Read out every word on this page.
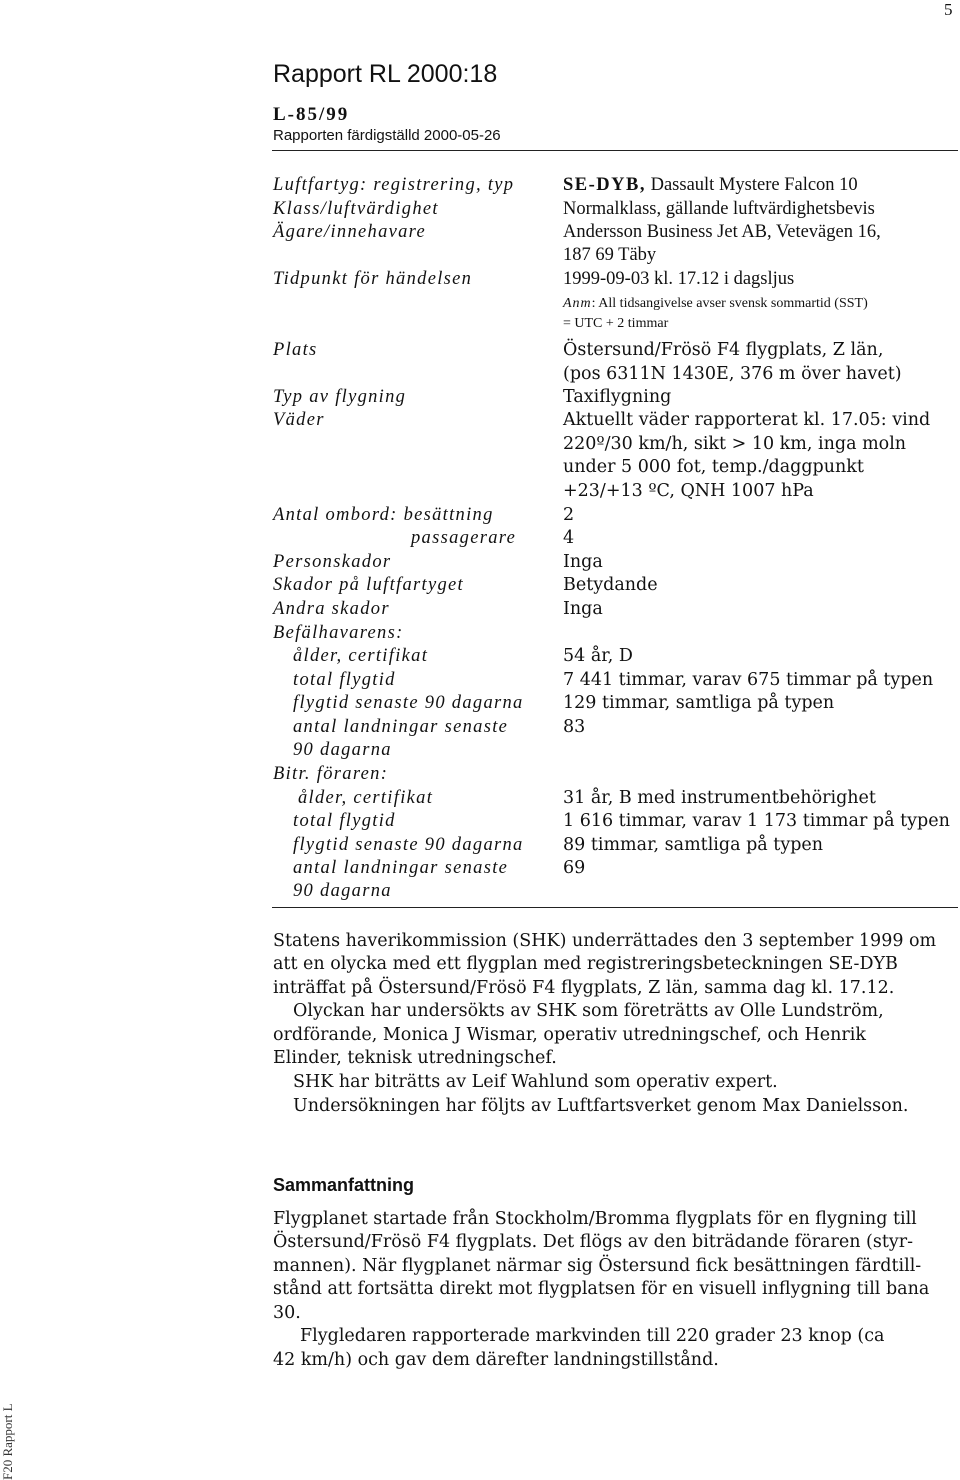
5
Rapport RL 2000:18
L-85/99
Rapporten färdigställd 2000-05-26
Luftfartyg: registrering, typ	SE-DYB, Dassault Mystere Falcon 10
Klass/luftvärdighet	Normalklass, gällande luftvärdighetsbevis
Ägare/innehavare	Andersson Business Jet AB, Vetevägen 16,
187 69 Täby
Tidpunkt för händelsen	1999-09-03 kl. 17.12 i dagsljus
Anm: All tidsangivelse avser svensk sommartid (SST)
= UTC + 2 timmar
Plats	Östersund/Frösö F4 flygplats, Z län,
(pos 6311N 1430E, 376 m över havet)
Typ av flygning	Taxiflygning
Väder	Aktuellt väder rapporterat kl. 17.05: vind
220º/30 km/h, sikt > 10 km, inga moln
under 5 000 fot, temp./daggpunkt
+23/+13 ºC, QNH 1007 hPa
Antal ombord: besättning	2
passagerare	4
Personskador	Inga
Skador på luftfartyget	Betydande
Andra skador	Inga
Befälhavarens:
ålder, certifikat	54 år, D
total flygtid	7 441 timmar, varav 675 timmar på typen
flygtid senaste 90 dagarna 129 timmar, samtliga på typen
antal landningar senaste	83
90 dagarna
Bitr. föraren:
ålder, certifikat	31 år, B med instrumentbehörighet
total flygtid	1 616 timmar, varav 1 173 timmar på typen
flygtid senaste 90 dagarna 89 timmar, samtliga på typen
antal landningar senaste	69
90 dagarna
Statens haverikommission (SHK) underrättades den 3 september 1999 om
att en olycka med ett flygplan med registreringsbeteckningen SE-DYB
inträffat på Östersund/Frösö F4 flygplats, Z län, samma dag kl. 17.12.
Olyckan har undersökts av SHK som företrätts av Olle Lundström,
ordförande, Monica J Wismar, operativ utredningschef, och Henrik
Elinder, teknisk utredningschef.
SHK har biträtts av Leif Wahlund som operativ expert.
Undersökningen har följts av Luftfartsverket genom Max Danielsson.
Sammanfattning
Flygplanet startade från Stockholm/Bromma flygplats för en flygning till
Östersund/Frösö F4 flygplats. Det flögs av den biträdande föraren (styr-
mannen). När flygplanet närmar sig Östersund fick besättningen färdtill-
stånd att fortsätta direkt mot flygplatsen för en visuell inflygning till bana
30.
Flygledaren rapporterade markvinden till 220 grader 23 knop (ca
42 km/h) och gav dem därefter landningstillstånd.
F20 Rapport L
